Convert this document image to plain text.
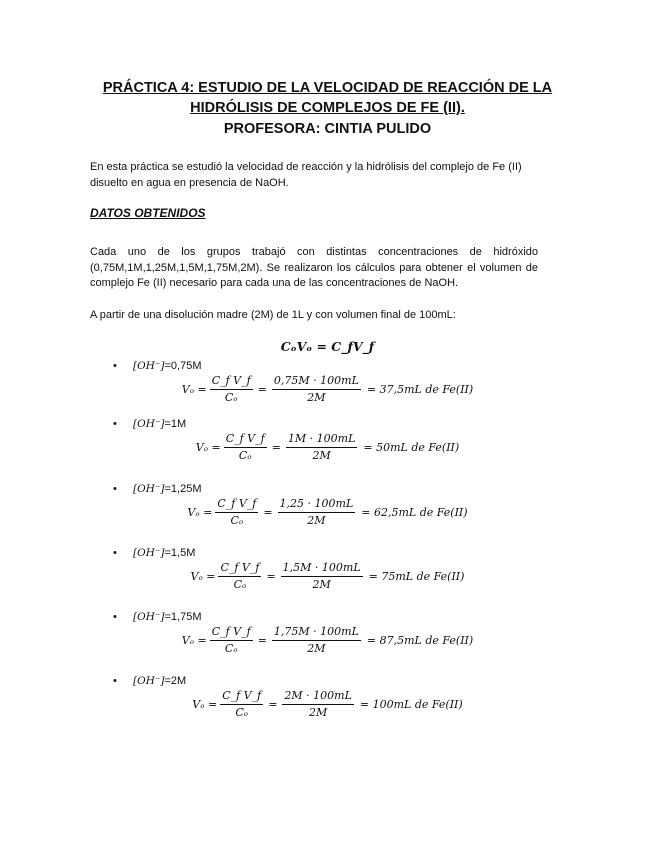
PRÁCTICA 4: ESTUDIO DE LA VELOCIDAD DE REACCIÓN DE LA
HIDRÓLISIS DE COMPLEJOS DE FE (II).
PROFESORA: CINTIA PULIDO
En esta práctica se estudió la velocidad de reacción y la hidrólisis del complejo de Fe (II) disuelto en agua en presencia de NaOH.
DATOS OBTENIDOS
Cada uno de los grupos trabajó con distintas concentraciones de hidróxido (0,75M,1M,1,25M,1,5M,1,75M,2M). Se realizaron los cálculos para obtener el volumen de complejo Fe (II) necesario para cada una de las concentraciones de NaOH.
A partir de una disolución madre (2M) de 1L y con volumen final de 100mL:
CₒVₒ = C_fV_f
• [OH⁻]=0,75M
$V_o = \frac{\text{C\_f V\_f}}{\text{Cₒ}} = \frac{0,75M \cdot 100mL}{2M} = 37,5mL$ de Fe(II)
• [OH⁻]=1M
$V_o = \frac{\text{C\_f V\_f}}{\text{Cₒ}} = \frac{1M \cdot 100mL}{2M} = 50mL$ de Fe(II)
• [OH⁻]=1,25M
$V_o = \frac{\text{C\_f V\_f}}{\text{Cₒ}} = \frac{1,25 \cdot 100mL}{2M} = 62,5mL$ de Fe(II)
• [OH⁻]=1,5M
$V_o = \frac{\text{C\_f V\_f}}{\text{Cₒ}} = \frac{1,5M \cdot 100mL}{2M} = 75mL$ de Fe(II)
• [OH⁻]=1,75M
$V_o = \frac{\text{C\_f V\_f}}{\text{Cₒ}} = \frac{1,75M \cdot 100mL}{2M} = 87,5mL$ de Fe(II)
• [OH⁻]=2M
$V_o = \frac{\text{C\_f V\_f}}{\text{Cₒ}} = \frac{2M \cdot 100mL}{2M} = 100mL$ de Fe(II)
